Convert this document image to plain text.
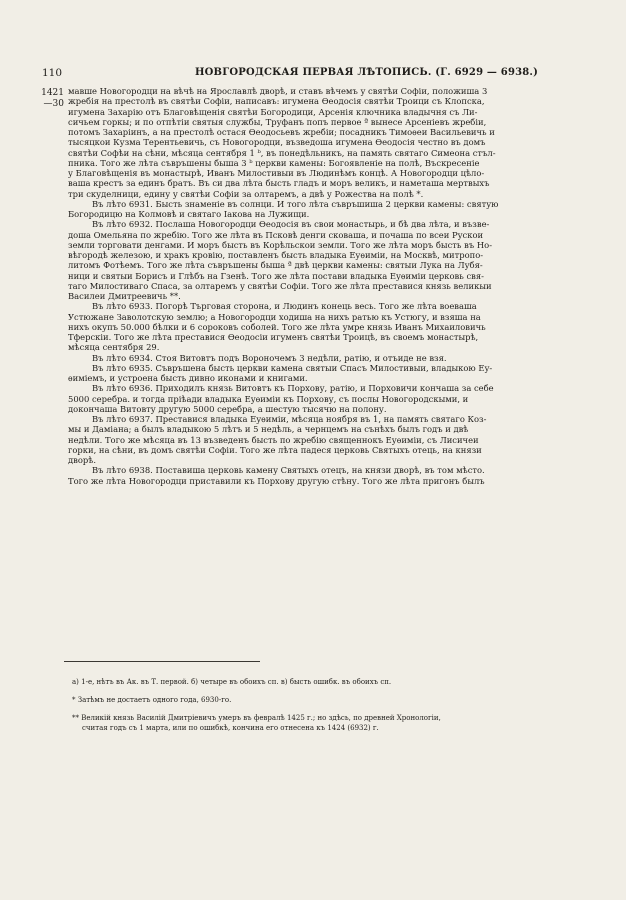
110	НОВГОРОДСКАЯ ПЕРВАЯ ЛѢТОПИСЬ. (Г. 6929 — 6938.)
1421
—30
мавше Новогородци на вѣчѣ на Ярославлѣ дворѣ, и ставъ вѣчемъ у святѣи Софіи, положиша 3
жребія на престолѣ въ святѣи Софіи, написавъ: игумена Ѳеодосія святѣи Троици съ Клопска,
игумена Захарію отъ Благовѣщенія святѣи Богородици, Арсенія ключника владычня съ Ли-
сичьем горкы; и по отпѣтіи святыя службы, Труфанъ попъ первое ª вынесе Арсеніевъ жребіи,
потомъ Захаріинъ, а на престолѣ остася Ѳеодосьевъ жребіи; посадникъ Тимоѳеи Васильевичь и
тысяцкои Кузма Терентьевичь, съ Новогородци, възведоша игумена Ѳеодосія честно въ домъ
святѣи Софѣи на сѣни, мѣсяца сентября 1 ᵇ, въ понедѣльникъ, на память святаго Симеона стъл-
пника. Того же лѣта съвръшены быша 3 ᵇ церкви камены: Богоявленіе на полѣ, Въскресеніе
у Благовѣщенія въ монастырѣ, Иванъ Милостивыи въ Людинѣмъ концѣ. А Новогородци цѣло-
ваша крестъ за единъ братъ. Въ си два лѣта бысть гладъ и моръ великъ, и наметаша мертвыхъ
три скуделници, едину у святѣи Софіи за олтаремъ, а двѣ у Рожества на полѣ *.
Въ лѣто 6931. Бысть знаменіе въ солнци. И того лѣта съвръшиша 2 церкви камены: святую
Богородицю на Колмовѣ и святаго Іакова на Лужищи.
Въ лѣто 6932. Послаша Новогородци Ѳеодосія въ свои монастырь, и бѣ два лѣта, и възве-
доша Омельяна по жребію. Того же лѣта въ Псковѣ денги сковаша, и почаша по всеи Рускои
земли торговати денгами. И моръ бысть въ Корѣльскои земли. Того же лѣта моръ бысть въ Но-
вѣгородѣ железою, и хракъ кровію, поставленъ бысть владыка Еуѳиміи, на Москвѣ, митропо-
литомъ Фотѣемъ. Того же лѣта съвръшены быша ª двѣ церкви камены: святыи Лука на Лубя-
ници и святыи Борисъ и Глѣбъ на Гзенѣ. Того же лѣта постави владыка Еуѳиміи церковь свя-
таго Милостиваго Спаса, за олтаремъ у святѣи Софіи. Того же лѣта преставися князь великыи
Василеи Дмитреевичь **.
Въ лѣто 6933. Погорѣ Търговая сторона, и Людинъ конець весь. Того же лѣта воеваша
Устюжане Заволотскую землю; а Новогородци ходиша на нихъ ратью къ Устюгу, и взяша на
нихъ окупъ 50.000 бѣлки и 6 сороковъ соболей. Того же лѣта умре князь Иванъ Михаиловичь
Тферскіи. Того же лѣта преставися Ѳеодосіи игуменъ святѣи Троицѣ, въ своемъ монастырѣ,
мѣсяца сентября 29.
Въ лѣто 6934. Стоя Витовтъ подъ Вороночемъ 3 недѣли, ратію, и отъиде не взя.
Въ лѣто 6935. Съвръшена бысть церкви камена святыи Спасъ Милостивыи, владыкою Еу-
ѳиміемъ, и устроена бысть дивно иконами и книгами.
Въ лѣто 6936. Приходилъ князь Витовтъ къ Порхову, ратію, и Порховичи кончаша за себе
5000 серебра. и тогда пріѣади владыка Еуѳиміи къ Порхову, съ послы Новогородскыми, и
докончаша Витовту другую 5000 серебра, а шестую тысячю на полону.
Въ лѣто 6937. Преставися владыка Еуѳиміи, мѣсяца ноября въ 1, на память святаго Коз-
мы и Даміана; а былъ владыкою 5 лѣтъ и 5 недѣль, а чернцемъ на сънѣхъ былъ годъ и двѣ
недѣли. Того же мѣсяца въ 13 възведенъ бысть по жребію священнокъ Еуѳиміи, съ Лисичеи
горки, на сѣни, въ домъ святѣи Софіи. Того же лѣта падеся церковь Святыхъ отець, на князи
дворѣ.
Въ лѣто 6938. Поставиша церковь камену Святыхъ отецъ, на князи дворѣ, въ том мѣсто.
Того же лѣта Новогородци приставили къ Порхову другую стѣну. Того же лѣта пригонъ былъ
а) 1-е, нѣтъ въ Ак. въ Т. первой. б) четыре въ обоихъ сп. в) бысть ошибк. въ обоихъ сп.
* Затѣмъ не достаетъ одного года, 6930-го.
** Великій князь Василій Дмитріевичъ умеръ въ февралѣ 1425 г.; но здѣсь, по древней Хронологіи,
считая годъ съ 1 марта, или по ошибкѣ, кончина его отнесена къ 1424 (6932) г.
